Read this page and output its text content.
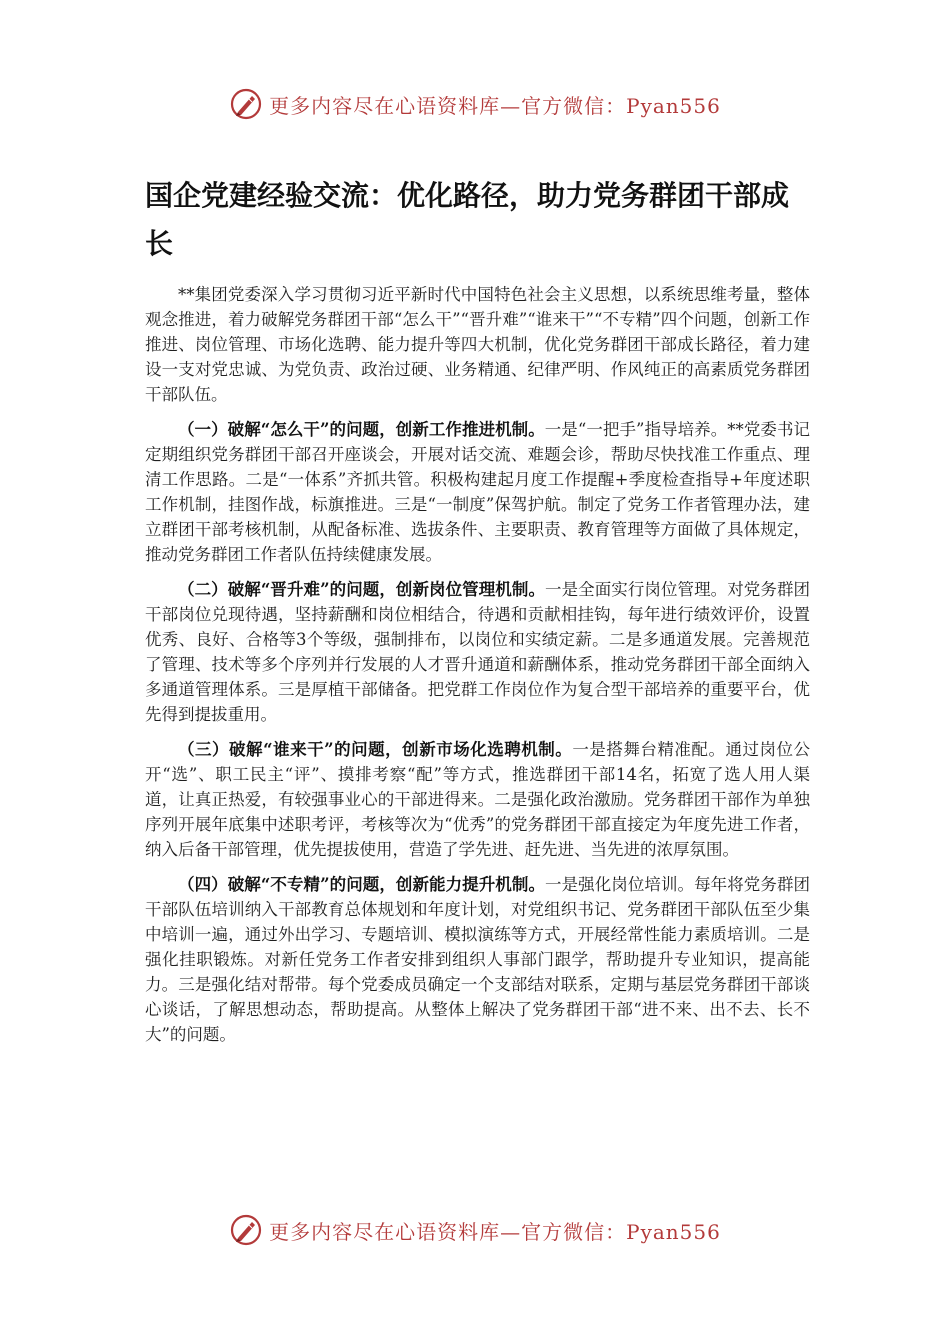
更多内容尽在心语资料库—官方微信：Pyan556
国企党建经验交流：优化路径，助力党务群团干部成长

**集团党委深入学习贯彻习近平新时代中国特色社会主义思想，以系统思维考量，整体观念推进，着力破解党务群团干部“怎么干”“晋升难”“谁来干”“不专精”四个问题，创新工作推进、岗位管理、市场化选聘、能力提升等四大机制，优化党务群团干部成长路径，着力建设一支对党忠诚、为党负责、政治过硬、业务精通、纪律严明、作风纯正的高素质党务群团干部队伍。

（一）破解“怎么干”的问题，创新工作推进机制。一是“一把手”指导培养。**党委书记定期组织党务群团干部召开座谈会，开展对话交流、难题会诊，帮助尽快找准工作重点、理清工作思路。二是“一体系”齐抓共管。积极构建起月度工作提醒+季度检查指导+年度述职工作机制，挂图作战，标旗推进。三是“一制度”保驾护航。制定了党务工作者管理办法，建立群团干部考核机制，从配备标准、选拔条件、主要职责、教育管理等方面做了具体规定，推动党务群团工作者队伍持续健康发展。

（二）破解“晋升难”的问题，创新岗位管理机制。一是全面实行岗位管理。对党务群团干部岗位兑现待遇，坚持薪酬和岗位相结合，待遇和贡献相挂钩，每年进行绩效评价，设置优秀、良好、合格等3个等级，强制排布，以岗位和实绩定薪。二是多通道发展。完善规范了管理、技术等多个序列并行发展的人才晋升通道和薪酬体系，推动党务群团干部全面纳入多通道管理体系。三是厚植干部储备。把党群工作岗位作为复合型干部培养的重要平台，优先得到提拔重用。

（三）破解“谁来干”的问题，创新市场化选聘机制。一是搭舞台精准配。通过岗位公开“选”、职工民主“评”、摸排考察“配”等方式，推选群团干部14名，拓宽了选人用人渠道，让真正热爱，有较强事业心的干部进得来。二是强化政治激励。党务群团干部作为单独序列开展年底集中述职考评，考核等次为“优秀”的党务群团干部直接定为年度先进工作者，纳入后备干部管理，优先提拔使用，营造了学先进、赶先进、当先进的浓厚氛围。

（四）破解“不专精”的问题，创新能力提升机制。一是强化岗位培训。每年将党务群团干部队伍培训纳入干部教育总体规划和年度计划，对党组织书记、党务群团干部队伍至少集中培训一遍，通过外出学习、专题培训、模拟演练等方式，开展经常性能力素质培训。二是强化挂职锻炼。对新任党务工作者安排到组织人事部门跟学，帮助提升专业知识，提高能力。三是强化结对帮带。每个党委成员确定一个支部结对联系，定期与基层党务群团干部谈心谈话，了解思想动态，帮助提高。从整体上解决了党务群团干部“进不来、出不去、长不大”的问题。

更多内容尽在心语资料库—官方微信：Pyan556
